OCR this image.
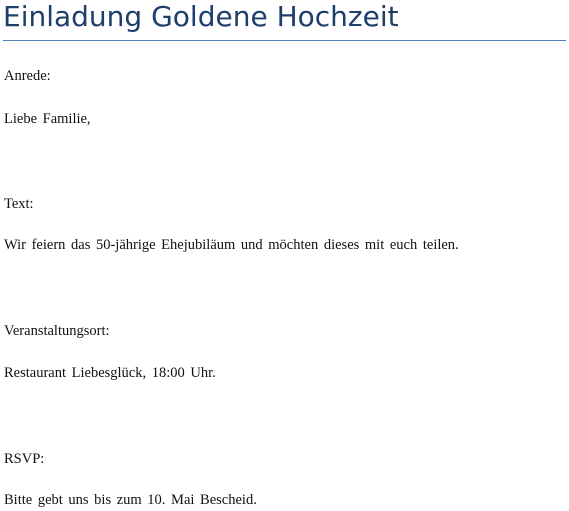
Einladung Goldene Hochzeit

Anrede:

Liebe Familie,

Text:

Wir feiern das 50-jährige Ehejubiläum und möchten dieses mit euch teilen.

Veranstaltungsort:

Restaurant Liebesglück, 18:00 Uhr.

RSVP:

Bitte gebt uns bis zum 10. Mai Bescheid.
